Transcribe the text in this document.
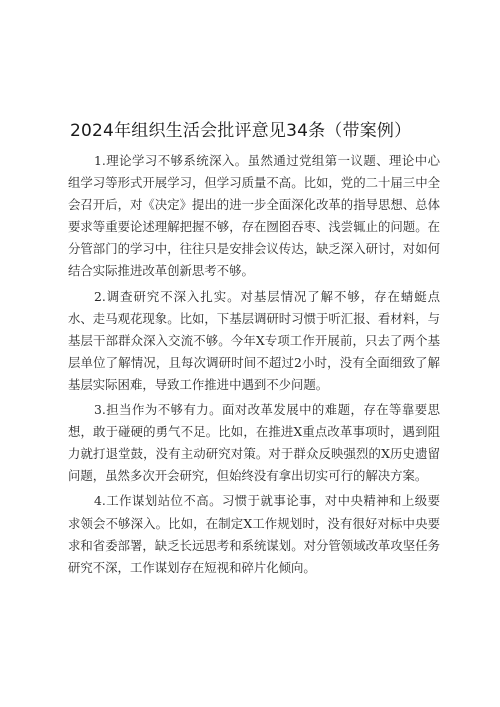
2024年组织生活会批评意见34条（带案例）

1.理论学习不够系统深入。虽然通过党组第一议题、理论中心组学习等形式开展学习，但学习质量不高。比如，党的二十届三中全会召开后，对《决定》提出的进一步全面深化改革的指导思想、总体要求等重要论述理解把握不够，存在囫囵吞枣、浅尝辄止的问题。在分管部门的学习中，往往只是安排会议传达，缺乏深入研讨，对如何结合实际推进改革创新思考不够。

2.调查研究不深入扎实。对基层情况了解不够，存在蜻蜓点水、走马观花现象。比如，下基层调研时习惯于听汇报、看材料，与基层干部群众深入交流不够。今年X专项工作开展前，只去了两个基层单位了解情况，且每次调研时间不超过2小时，没有全面细致了解基层实际困难，导致工作推进中遇到不少问题。

3.担当作为不够有力。面对改革发展中的难题，存在等靠要思想，敢于碰硬的勇气不足。比如，在推进X重点改革事项时，遇到阻力就打退堂鼓，没有主动研究对策。对于群众反映强烈的X历史遗留问题，虽然多次开会研究，但始终没有拿出切实可行的解决方案。

4.工作谋划站位不高。习惯于就事论事，对中央精神和上级要求领会不够深入。比如，在制定X工作规划时，没有很好对标中央要求和省委部署，缺乏长远思考和系统谋划。对分管领域改革攻坚任务研究不深，工作谋划存在短视和碎片化倾向。
